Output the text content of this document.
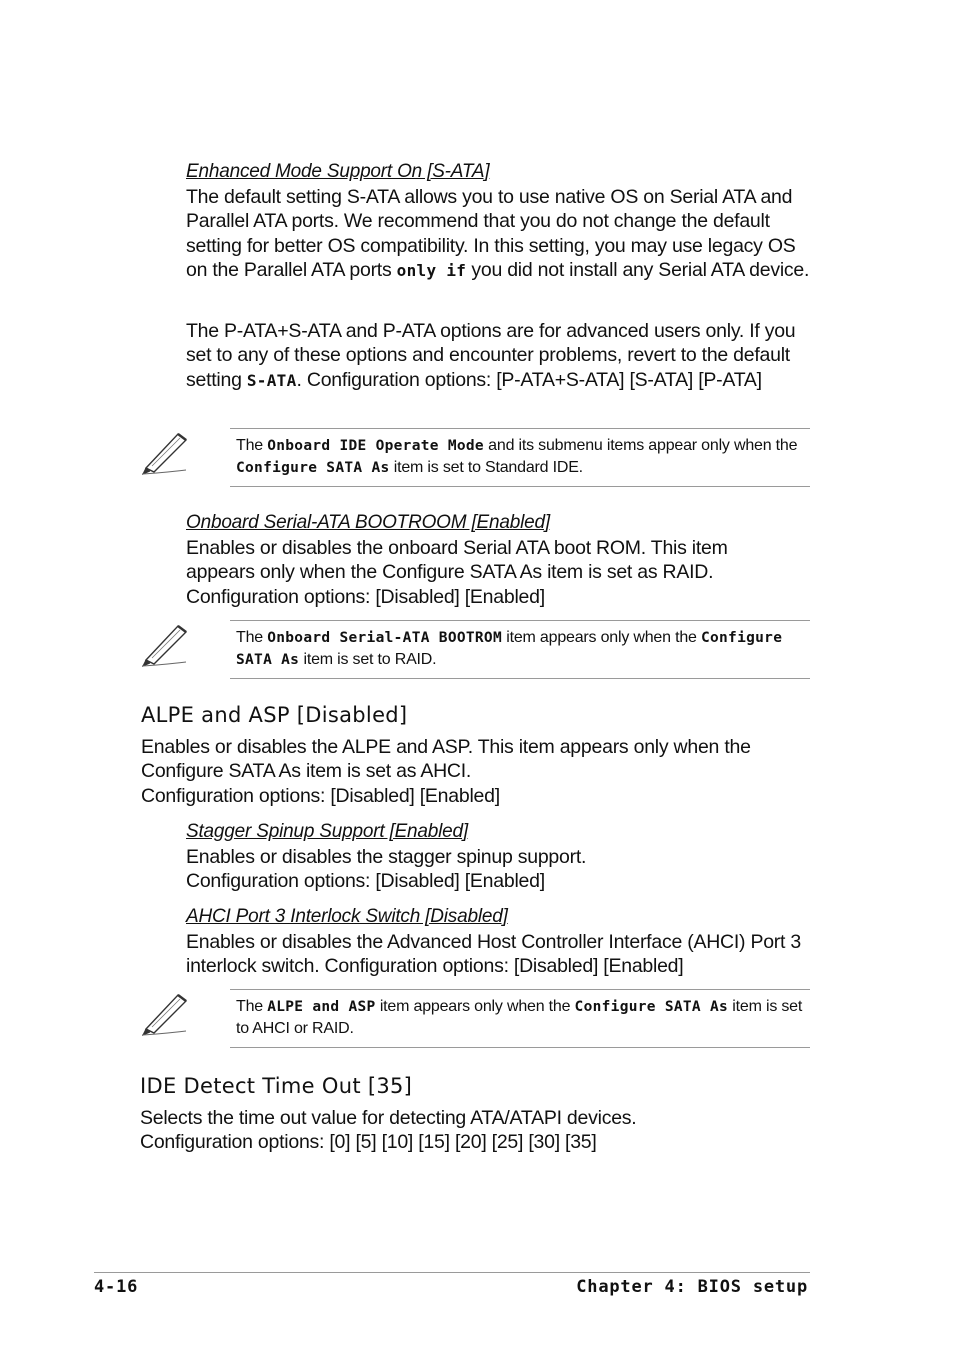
Enhanced Mode Support On [S-ATA]
The default setting S-ATA allows you to use native OS on Serial ATA and Parallel ATA ports. We recommend that you do not change the default setting for better OS compatibility. In this setting, you may use legacy OS on the Parallel ATA ports only if you did not install any Serial ATA device.
The P-ATA+S-ATA and P-ATA options are for advanced users only. If you set to any of these options and encounter problems, revert to the default setting S-ATA. Configuration options: [P-ATA+S-ATA] [S-ATA] [P-ATA]
The Onboard IDE Operate Mode and its submenu items appear only when the Configure SATA As item is set to Standard IDE.
Onboard Serial-ATA BOOTROOM [Enabled]
Enables or disables the onboard Serial ATA boot ROM. This item appears only when the Configure SATA As item is set as RAID. Configuration options: [Disabled] [Enabled]
The Onboard Serial-ATA BOOTROM item appears only when the Configure SATA As item is set to RAID.
ALPE and ASP [Disabled]
Enables or disables the ALPE and ASP. This item appears only when the
Configure SATA As item is set as AHCI.
Configuration options: [Disabled] [Enabled]
Stagger Spinup Support [Enabled]
Enables or disables the stagger spinup support.
Configuration options: [Disabled] [Enabled]
AHCI Port 3 Interlock Switch [Disabled]
Enables or disables the Advanced Host Controller Interface (AHCI) Port 3 interlock switch. Configuration options: [Disabled] [Enabled]
The ALPE and ASP item appears only when the Configure SATA As item is set to AHCI or RAID.
IDE Detect Time Out [35]
Selects the time out value for detecting ATA/ATAPI devices.
Configuration options: [0] [5] [10] [15] [20] [25] [30] [35]
4-16	Chapter 4: BIOS setup
